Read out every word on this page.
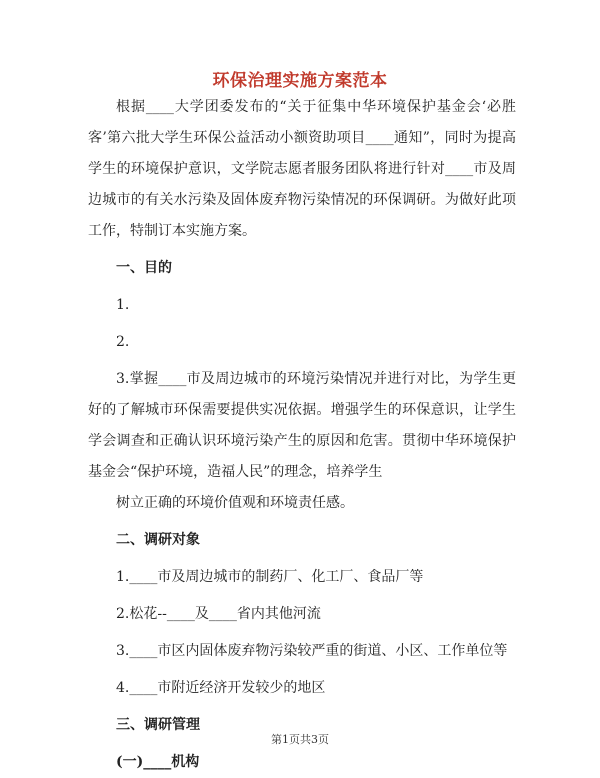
环保治理实施方案范本

根据____大学团委发布的“关于征集中华环境保护基金会‘必胜客’第六批大学生环保公益活动小额资助项目____通知”，同时为提高学生的环境保护意识，文学院志愿者服务团队将进行针对____市及周边城市的有关水污染及固体废弃物污染情况的环保调研。为做好此项工作，特制订本实施方案。

一、目的

1.

2.

3.掌握____市及周边城市的环境污染情况并进行对比，为学生更好的了解城市环保需要提供实况依据。增强学生的环保意识，让学生学会调查和正确认识环境污染产生的原因和危害。贯彻中华环境保护基金会“保护环境，造福人民”的理念，培养学生

树立正确的环境价值观和环境责任感。

二、调研对象

1.____市及周边城市的制药厂、化工厂、食品厂等

2.松花--____及____省内其他河流

3.____市区内固体废弃物污染较严重的街道、小区、工作单位等

4.____市附近经济开发较少的地区

三、调研管理

(一)____机构

第1页共3页
